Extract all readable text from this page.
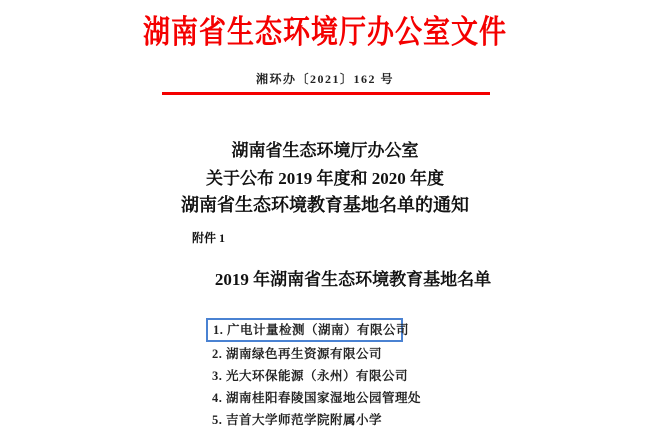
湖南省生态环境厅办公室文件
湘环办〔2021〕162 号
湖南省生态环境厅办公室
关于公布 2019 年度和 2020 年度
湖南省生态环境教育基地名单的通知
附件 1
2019 年湖南省生态环境教育基地名单
1. 广电计量检测（湖南）有限公司
2. 湖南绿色再生资源有限公司
3. 光大环保能源（永州）有限公司
4. 湖南桂阳春陵国家湿地公园管理处
5. 吉首大学师范学院附属小学
